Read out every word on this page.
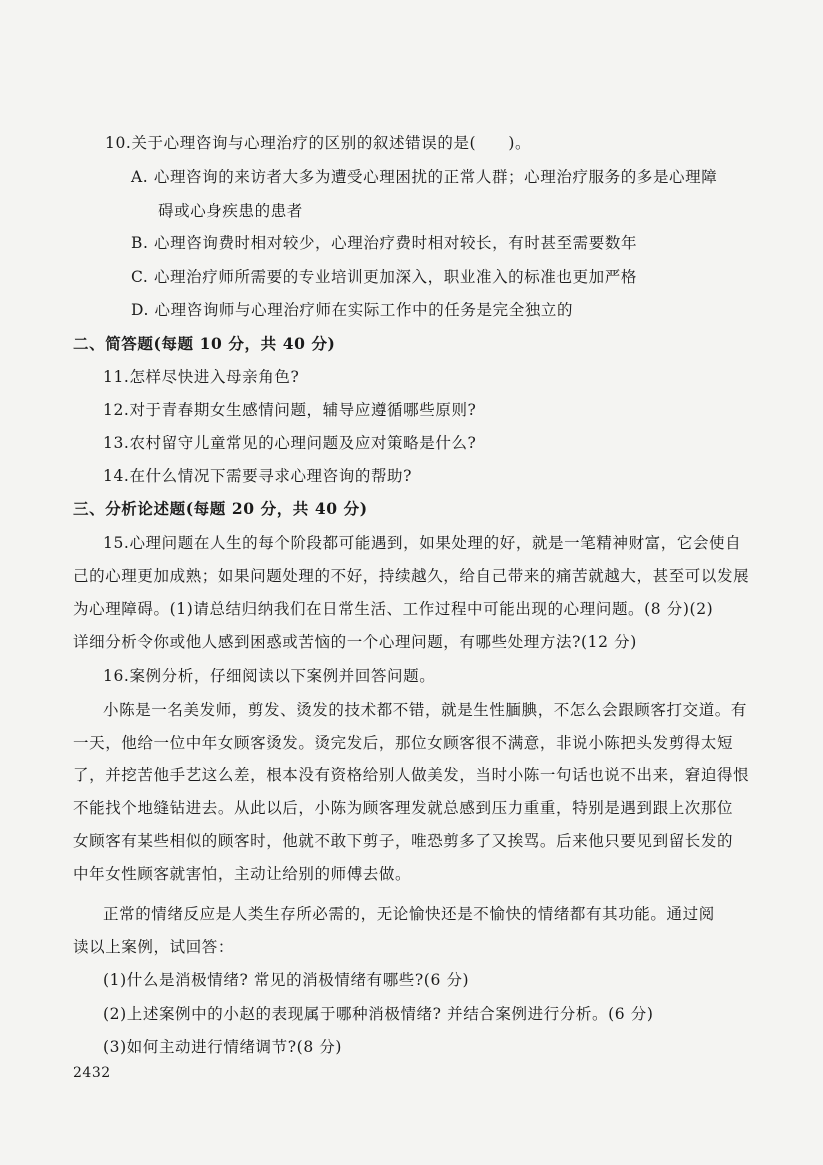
10.关于心理咨询与心理治疗的区别的叙述错误的是(　　)。
A. 心理咨询的来访者大多为遭受心理困扰的正常人群；心理治疗服务的多是心理障
碍或心身疾患的患者
B. 心理咨询费时相对较少，心理治疗费时相对较长，有时甚至需要数年
C. 心理治疗师所需要的专业培训更加深入，职业准入的标准也更加严格
D. 心理咨询师与心理治疗师在实际工作中的任务是完全独立的
二、简答题(每题 10 分，共 40 分)
11.怎样尽快进入母亲角色?
12.对于青春期女生感情问题，辅导应遵循哪些原则?
13.农村留守儿童常见的心理问题及应对策略是什么?
14.在什么情况下需要寻求心理咨询的帮助?
三、分析论述题(每题 20 分，共 40 分)
15.心理问题在人生的每个阶段都可能遇到，如果处理的好，就是一笔精神财富，它会使自
己的心理更加成熟；如果问题处理的不好，持续越久，给自己带来的痛苦就越大，甚至可以发展
为心理障碍。(1)请总结归纳我们在日常生活、工作过程中可能出现的心理问题。(8 分)(2)
详细分析令你或他人感到困惑或苦恼的一个心理问题，有哪些处理方法?(12 分)
16.案例分析，仔细阅读以下案例并回答问题。
小陈是一名美发师，剪发、烫发的技术都不错，就是生性腼腆，不怎么会跟顾客打交道。有
一天，他给一位中年女顾客烫发。烫完发后，那位女顾客很不满意，非说小陈把头发剪得太短
了，并挖苦他手艺这么差，根本没有资格给别人做美发，当时小陈一句话也说不出来，窘迫得恨
不能找个地缝钻进去。从此以后，小陈为顾客理发就总感到压力重重，特别是遇到跟上次那位
女顾客有某些相似的顾客时，他就不敢下剪子，唯恐剪多了又挨骂。后来他只要见到留长发的
中年女性顾客就害怕，主动让给别的师傅去做。
正常的情绪反应是人类生存所必需的，无论愉快还是不愉快的情绪都有其功能。通过阅
读以上案例，试回答：
(1)什么是消极情绪? 常见的消极情绪有哪些?(6 分)
(2)上述案例中的小赵的表现属于哪种消极情绪? 并结合案例进行分析。(6 分)
(3)如何主动进行情绪调节?(8 分)
2432
